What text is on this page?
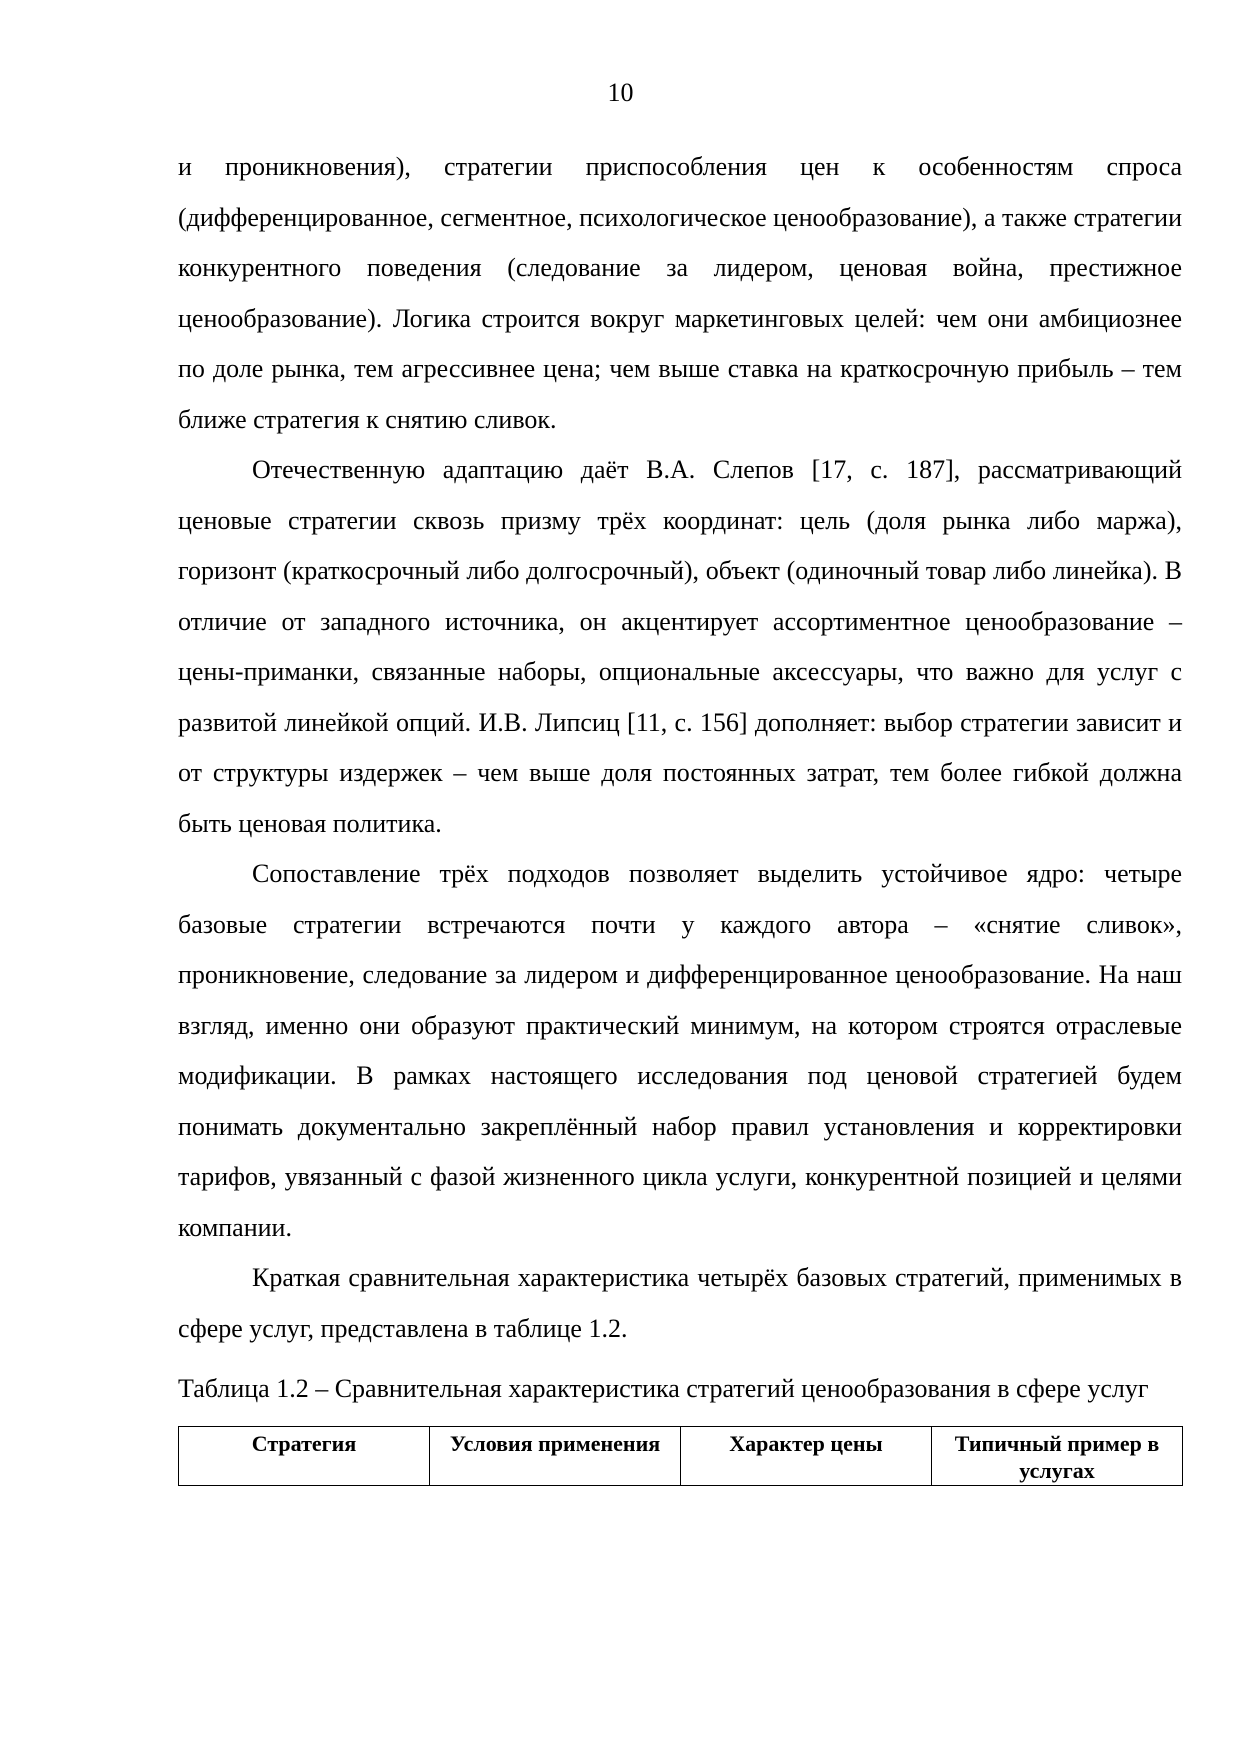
10

и проникновения), стратегии приспособления цен к особенностям спроса (дифференцированное, сегментное, психологическое ценообразование), а также стратегии конкурентного поведения (следование за лидером, ценовая война, престижное ценообразование). Логика строится вокруг маркетинговых целей: чем они амбициознее по доле рынка, тем агрессивнее цена; чем выше ставка на краткосрочную прибыль – тем ближе стратегия к снятию сливок.

Отечественную адаптацию даёт В.А. Слепов [17, с. 187], рассматривающий ценовые стратегии сквозь призму трёх координат: цель (доля рынка либо маржа), горизонт (краткосрочный либо долгосрочный), объект (одиночный товар либо линейка). В отличие от западного источника, он акцентирует ассортиментное ценообразование – цены-приманки, связанные наборы, опциональные аксессуары, что важно для услуг с развитой линейкой опций. И.В. Липсиц [11, с. 156] дополняет: выбор стратегии зависит и от структуры издержек – чем выше доля постоянных затрат, тем более гибкой должна быть ценовая политика.

Сопоставление трёх подходов позволяет выделить устойчивое ядро: четыре базовые стратегии встречаются почти у каждого автора – «снятие сливок», проникновение, следование за лидером и дифференцированное ценообразование. На наш взгляд, именно они образуют практический минимум, на котором строятся отраслевые модификации. В рамках настоящего исследования под ценовой стратегией будем понимать документально закреплённый набор правил установления и корректировки тарифов, увязанный с фазой жизненного цикла услуги, конкурентной позицией и целями компании.

Краткая сравнительная характеристика четырёх базовых стратегий, применимых в сфере услуг, представлена в таблице 1.2.

Таблица 1.2 – Сравнительная характеристика стратегий ценообразования в сфере услуг

Стратегия	Условия применения	Характер цены	Типичный пример в услугах
